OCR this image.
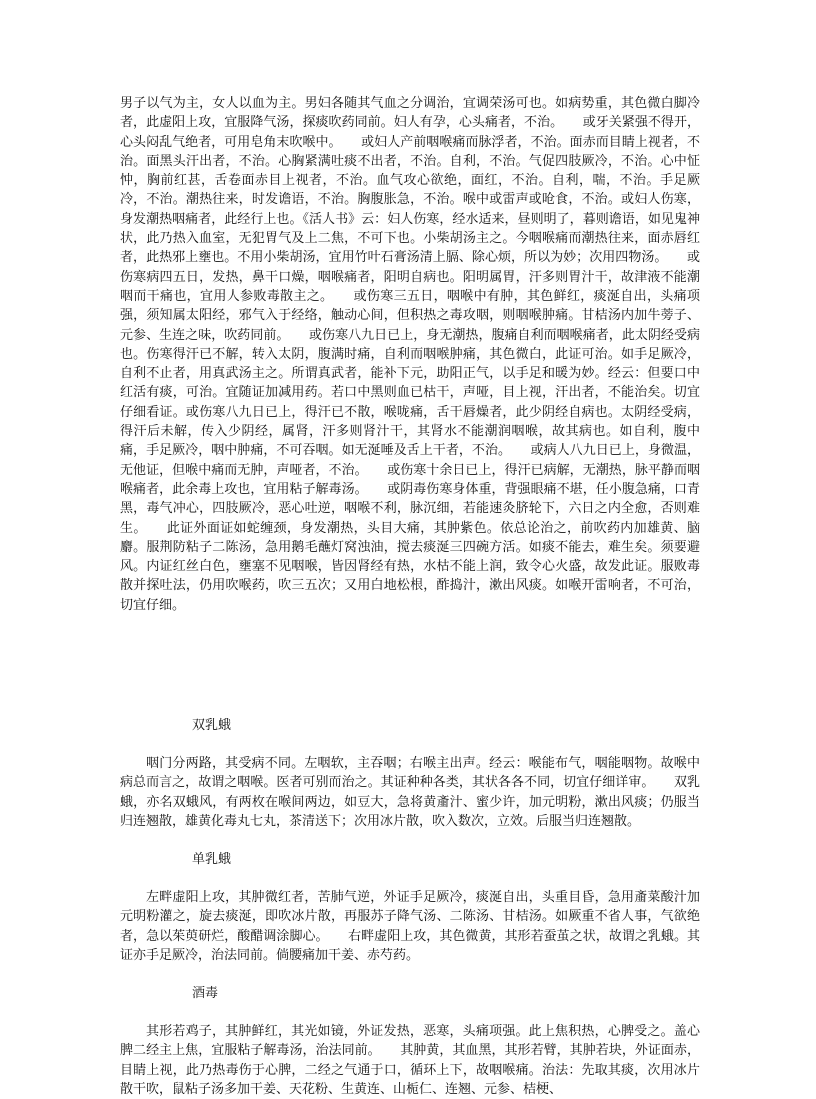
男子以气为主，女人以血为主。男妇各随其气血之分调治，宜调荣汤可也。如病势重，其色微白脚冷者，此虚阳上攻，宜服降气汤，探痰吹药同前。妇人有孕，心头痛者，不治。　　或牙关紧强不得开，心头闷乱气绝者，可用皂角末吹喉中。　　或妇人产前咽喉痛而脉浮者，不治。面赤而目睛上视者，不治。面黑头汗出者，不治。心胸紧满吐痰不出者，不治。自利，不治。气促四肢厥冷，不治。心中怔忡，胸前红甚，舌卷面赤目上视者，不治。血气攻心欲绝，面红，不治。自利，喘，不治。手足厥冷，不治。潮热往来，时发谵语，不治。胸腹胀急，不治。喉中或雷声或呛食，不治。或妇人伤寒，身发潮热咽痛者，此经行上也。《活人书》云：妇人伤寒，经水适来，昼则明了，暮则谵语，如见鬼神状，此乃热入血室，无犯胃气及上二焦，不可下也。小柴胡汤主之。今咽喉痛而潮热往来，面赤唇红者，此热邪上壅也。不用小柴胡汤，宜用竹叶石膏汤清上膈、除心烦，所以为妙；次用四物汤。　　或伤寒病四五日，发热，鼻干口燥，咽喉痛者，阳明自病也。阳明属胃，汗多则胃汁干，故津液不能潮咽而干痛也，宜用人参败毒散主之。　　或伤寒三五日，咽喉中有肿，其色鲜红，痰涎自出，头痛项强，须知属太阳经，邪气入于经络，触动心间，但积热之毒攻咽，则咽喉肿痛。甘桔汤内加牛蒡子、元参、生连之味，吹药同前。　　或伤寒八九日已上，身无潮热，腹痛自利而咽喉痛者，此太阴经受病也。伤寒得汗已不解，转入太阴，腹满时痛，自利而咽喉肿痛，其色微白，此证可治。如手足厥冷，自利不止者，用真武汤主之。所谓真武者，能补下元，助阳正气，以手足和暖为妙。经云：但要口中红活有痰，可治。宜随证加减用药。若口中黑则血已枯干，声哑，目上视，汗出者，不能治矣。切宜仔细看证。或伤寒八九日已上，得汗已不散，喉咙痛，舌干唇燥者，此少阴经自病也。太阴经受病，得汗后未解，传入少阴经，属肾，汗多则肾汁干，其肾水不能潮润咽喉，故其病也。如自利，腹中痛，手足厥冷，咽中肿痛，不可吞咽。如无涎唾及舌上干者，不治。　　或病人八九日已上，身微温，无他证，但喉中痛而无肿，声哑者，不治。　　或伤寒十余日已上，得汗已病解，无潮热，脉平静而咽喉痛者，此余毒上攻也，宜用粘子解毒汤。　　或阴毒伤寒身体重，背强眼痛不堪，任小腹急痛，口青黑，毒气冲心，四肢厥冷，恶心吐逆，咽喉不利，脉沉细，若能速灸脐轮下，六日之内全愈，否则难生。　　此证外面证如蛇缠颈，身发潮热，头目大痛，其肿紫色。依总论治之，前吹药内加雄黄、脑麝。服荆防粘子二陈汤，急用鹅毛蘸灯窝浊油，搅去痰涎三四碗方活。如痰不能去，难生矣。须要避风。内证红丝白色，壅塞不见咽喉，皆因肾经有热，水枯不能上润，致令心火盛，故发此证。服败毒散并探吐法，仍用吹喉药，吹三五次；又用白地松根，酢捣汁，漱出风痰。如喉开雷响者，不可治，切宜仔细。

双乳蛾

咽门分两路，其受病不同。左咽软，主吞咽；右喉主出声。经云：喉能布气，咽能咽物。故喉中病总而言之，故谓之咽喉。医者可别而治之。其证种种各类，其状各各不同，切宜仔细详审。　　双乳蛾，亦名双蛾风，有两枚在喉间两边，如豆大，急将黄齑汁、蜜少许，加元明粉，漱出风痰；仍服当归连翘散，雄黄化毒丸七丸，茶清送下；次用冰片散，吹入数次，立效。后服当归连翘散。

单乳蛾

左畔虚阳上攻，其肿微红者，苦肺气逆，外证手足厥冷，痰涎自出，头重目昏，急用齑菜酸汁加元明粉灌之，旋去痰涎，即吹冰片散，再服苏子降气汤、二陈汤、甘桔汤。如厥重不省人事，气欲绝者，急以茱萸研烂，酸醋调涂脚心。　　右畔虚阳上攻，其色微黄，其形若蚕茧之状，故谓之乳蛾。其证亦手足厥冷，治法同前。倘腰痛加干姜、赤芍药。

酒毒

其形若鸡子，其肿鲜红，其光如镜，外证发热，恶寒，头痛项强。此上焦积热，心脾受之。盖心脾二经主上焦，宜服粘子解毒汤，治法同前。　　其肿黄，其血黑，其形若臂，其肿若块，外证面赤，目睛上视，此乃热毒伤于心脾，二经之气通于口，循环上下，故咽喉痛。治法：先取其痰，次用冰片散干吹，鼠粘子汤多加干姜、天花粉、生黄连、山栀仁、连翘、元参、桔梗、
